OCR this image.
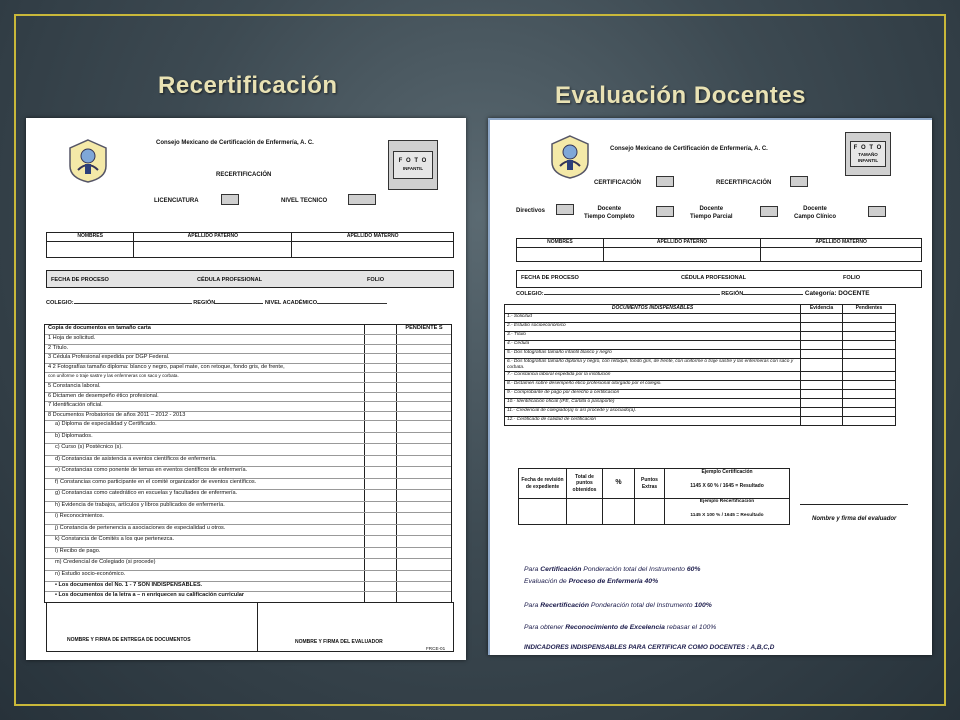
Recertificación	Evaluación Docentes
Consejo Mexicano de Certificación de Enfermería, A. C.
RECERTIFICACIÓN
F O T O
INFANTIL
LICENCIATURA	NIVEL TECNICO
NOMBRES	APELLIDO PATERNO	APELLIDO MATERNO

FECHA DE PROCESO	CÉDULA PROFESIONAL	FOLIO
COLEGIO:	REGIÓN	NIVEL ACADÉMICO
Copia de documentos en tamaño carta	PENDIENTE S
1 Hoja de solicitud.
2 Título.
3 Cédula Profesional expedida por DGP Federal.
4 2 Fotografías tamaño diploma: blanco y negro, papel mate, con retoque, fondo gris, de frente,
con uniforme o traje sastre y las enfermeras con saco y corbata.
5 Constancia laboral.
6 Dictamen de desempeño ético profesional.
7 Identificación oficial.
8 Documentos Probatorios de años 2011 – 2012 - 2013
a) Diploma de especialidad y Certificado.
b) Diplomados.
c) Curso (s) Postécnico (s).
d) Constancias de asistencia a eventos científicos de enfermería.
e) Constancias como ponente de temas en eventos científicos de enfermería.
f) Constancias como participante en el comité organizador de eventos científicos.
g) Constancias como catedrático en escuelas y facultades de enfermería.
h) Evidencia de trabajos, artículos y libros publicados de enfermería.
i) Reconocimientos.
j) Constancia de pertenencia a asociaciones de especialidad u otros.
k) Constancia de Comités a los que pertenezca.
l) Recibo de pago.
m) Credencial de Colegiado (si procede)
n) Estudio socio-económico.
• Los documentos del No. 1 - 7 SON INDISPENSABLES.
• Los documentos de la letra a – n enriquecen su calificación curricular
NOMBRE Y FIRMA DE ENTREGA DE DOCUMENTOS	NOMBRE Y FIRMA DEL EVALUADOR
FRCE-01
Consejo Mexicano de Certificación de Enfermería, A. C.	F O T O
TAMAÑO INFANTIL
CERTIFICACIÓN	RECERTIFICACIÓN
Directivos	Docente
Tiempo Completo
Docente
Tiempo Parcial
Docente
Campo Clínico
NOMBRES	APELLIDO PATERNO	APELLIDO MATERNO

FECHA DE PROCESO	CÉDULA PROFESIONAL	FOLIO
COLEGIO:	REGIÓN	Categoría: DOCENTE
DOCUMENTOS INDISPENSABLES	Evidencia	Pendientes
1.- Solicitud		
2.- Estudio socioeconómico		
3.- Título		
4.- Cédula		
5.- Dos fotografías tamaño infantil blanco y negro		
6.- Dos fotografías tamaño diploma y negro, con retoque, fondo gris, de frente, con uniforme o traje sastre y las enfermeras con saco y corbata.		
7.- Constancia laboral expedida por la institución		
8.- Dictamen sobre desempeño ético profesional otorgado por el colegio.		
9.- Comprobante de pago por derecho a certificación		
10.- Identificación oficial (IFE, Cartilla o pasaporte)		
11.- Credencial de colegiado(a) si así procede y asociado(a).		
12.- Certificado de calidad de certificación		
Fecha de revisión de expediente	Total de puntos obtenidos	%	Puntos Extras	Ejemplo Certificación
1145 X 60 % / 1645 = Resultado

				Ejemplo Recertificación
1145 X 100 % / 1645 = Resultado
Nombre y firma del evaluador
Para Certificación Ponderación total del Instrumento 60%
Evaluación de Proceso de Enfermería 40%
Para Recertificación Ponderación total del Instrumento 100%
Para obtener Reconocimiento de Excelencia rebasar el 100%
INDICADORES INDISPENSABLES PARA CERTIFICAR COMO DOCENTES : A,B,C,D
